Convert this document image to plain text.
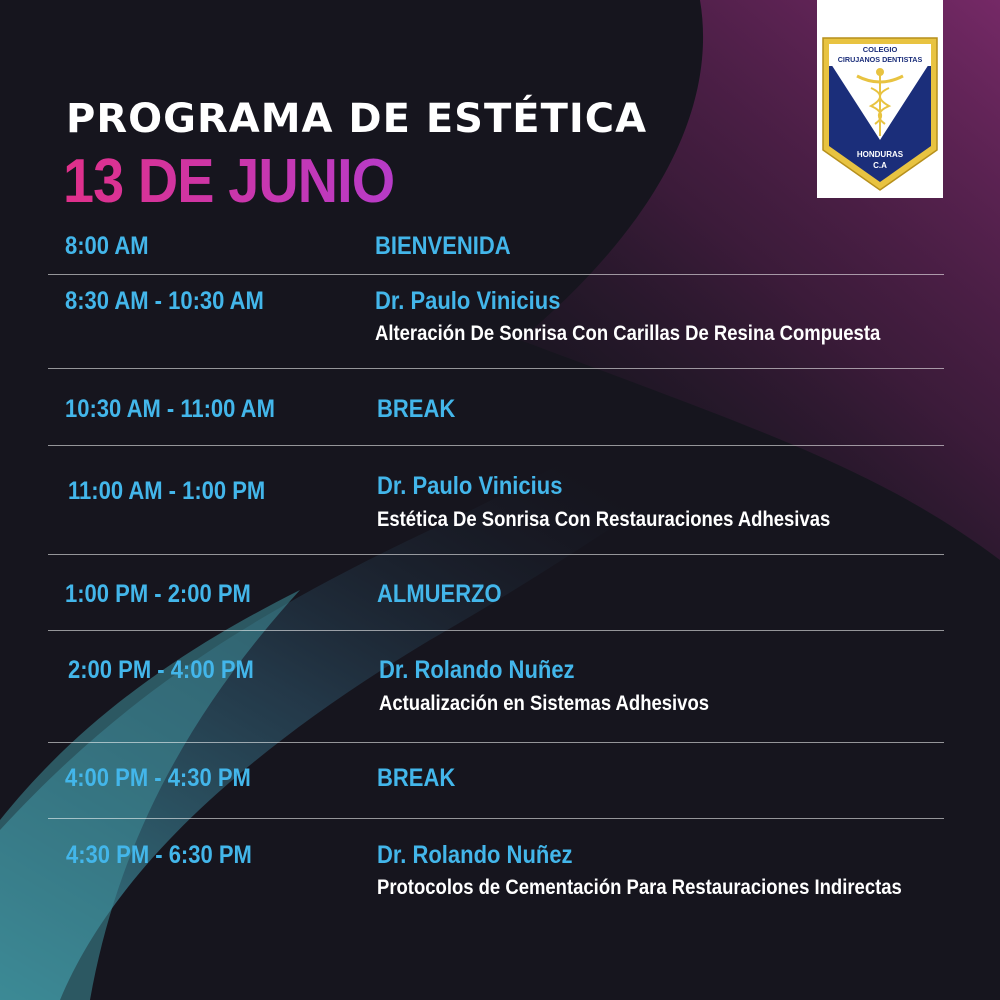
PROGRAMA DE ESTÉTICA
13 DE JUNIO
COLEGIO
CIRUJANOS DENTISTAS
HONDURAS
C.A
8:00 AM	BIENVENIDA
8:30 AM - 10:30 AM	Dr. Paulo Vinicius
Alteración De Sonrisa Con Carillas De Resina Compuesta
10:30 AM - 11:00 AM	BREAK
11:00 AM - 1:00 PM	Dr. Paulo Vinicius
Estética De Sonrisa Con Restauraciones Adhesivas
1:00 PM - 2:00 PM	ALMUERZO
2:00 PM - 4:00 PM	Dr. Rolando Nuñez
Actualización en Sistemas Adhesivos
4:00 PM - 4:30 PM	BREAK
4:30 PM - 6:30 PM	Dr. Rolando Nuñez
Protocolos de Cementación Para Restauraciones Indirectas
